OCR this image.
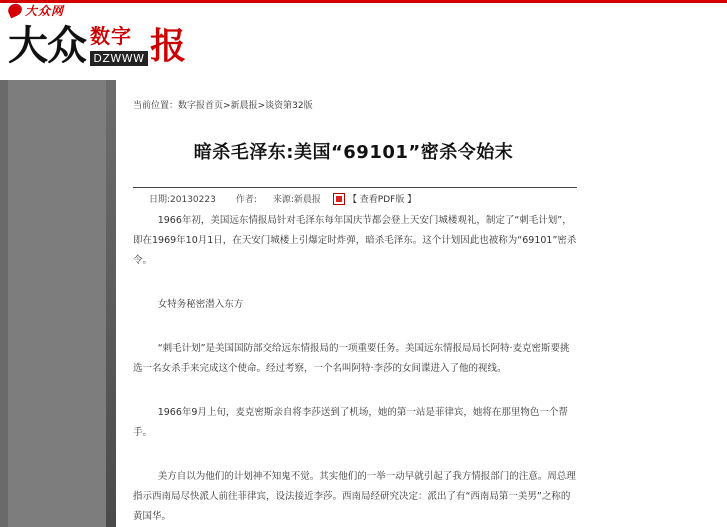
大众网
大众 数字
DZWWW 报
当前位置：数字报首页>新晨报>谈资第32版
暗杀毛泽东:美国“69101”密杀令始末
日期:20130223 作者: 来源:新晨报	【 查看PDF版 】

1966年初，美国远东情报局针对毛泽东每年国庆节都会登上天安门城楼观礼，制定了“刺毛计划”，即在1969年10月1日，在天安门城楼上引爆定时炸弹，暗杀毛泽东。这个计划因此也被称为“69101”密杀令。

女特务秘密潜入东方

“刺毛计划”是美国国防部交给远东情报局的一项重要任务。美国远东情报局局长阿特·麦克密斯要挑选一名女杀手来完成这个使命。经过考察，一个名叫阿特·李莎的女间谍进入了他的视线。

1966年9月上旬，麦克密斯亲自将李莎送到了机场，她的第一站是菲律宾，她将在那里物色一个帮手。

美方自以为他们的计划神不知鬼不觉。其实他们的一举一动早就引起了我方情报部门的注意。周总理指示西南局尽快派人前往菲律宾，设法接近李莎。西南局经研究决定：派出了有“西南局第一美男”之称的黄国华。
